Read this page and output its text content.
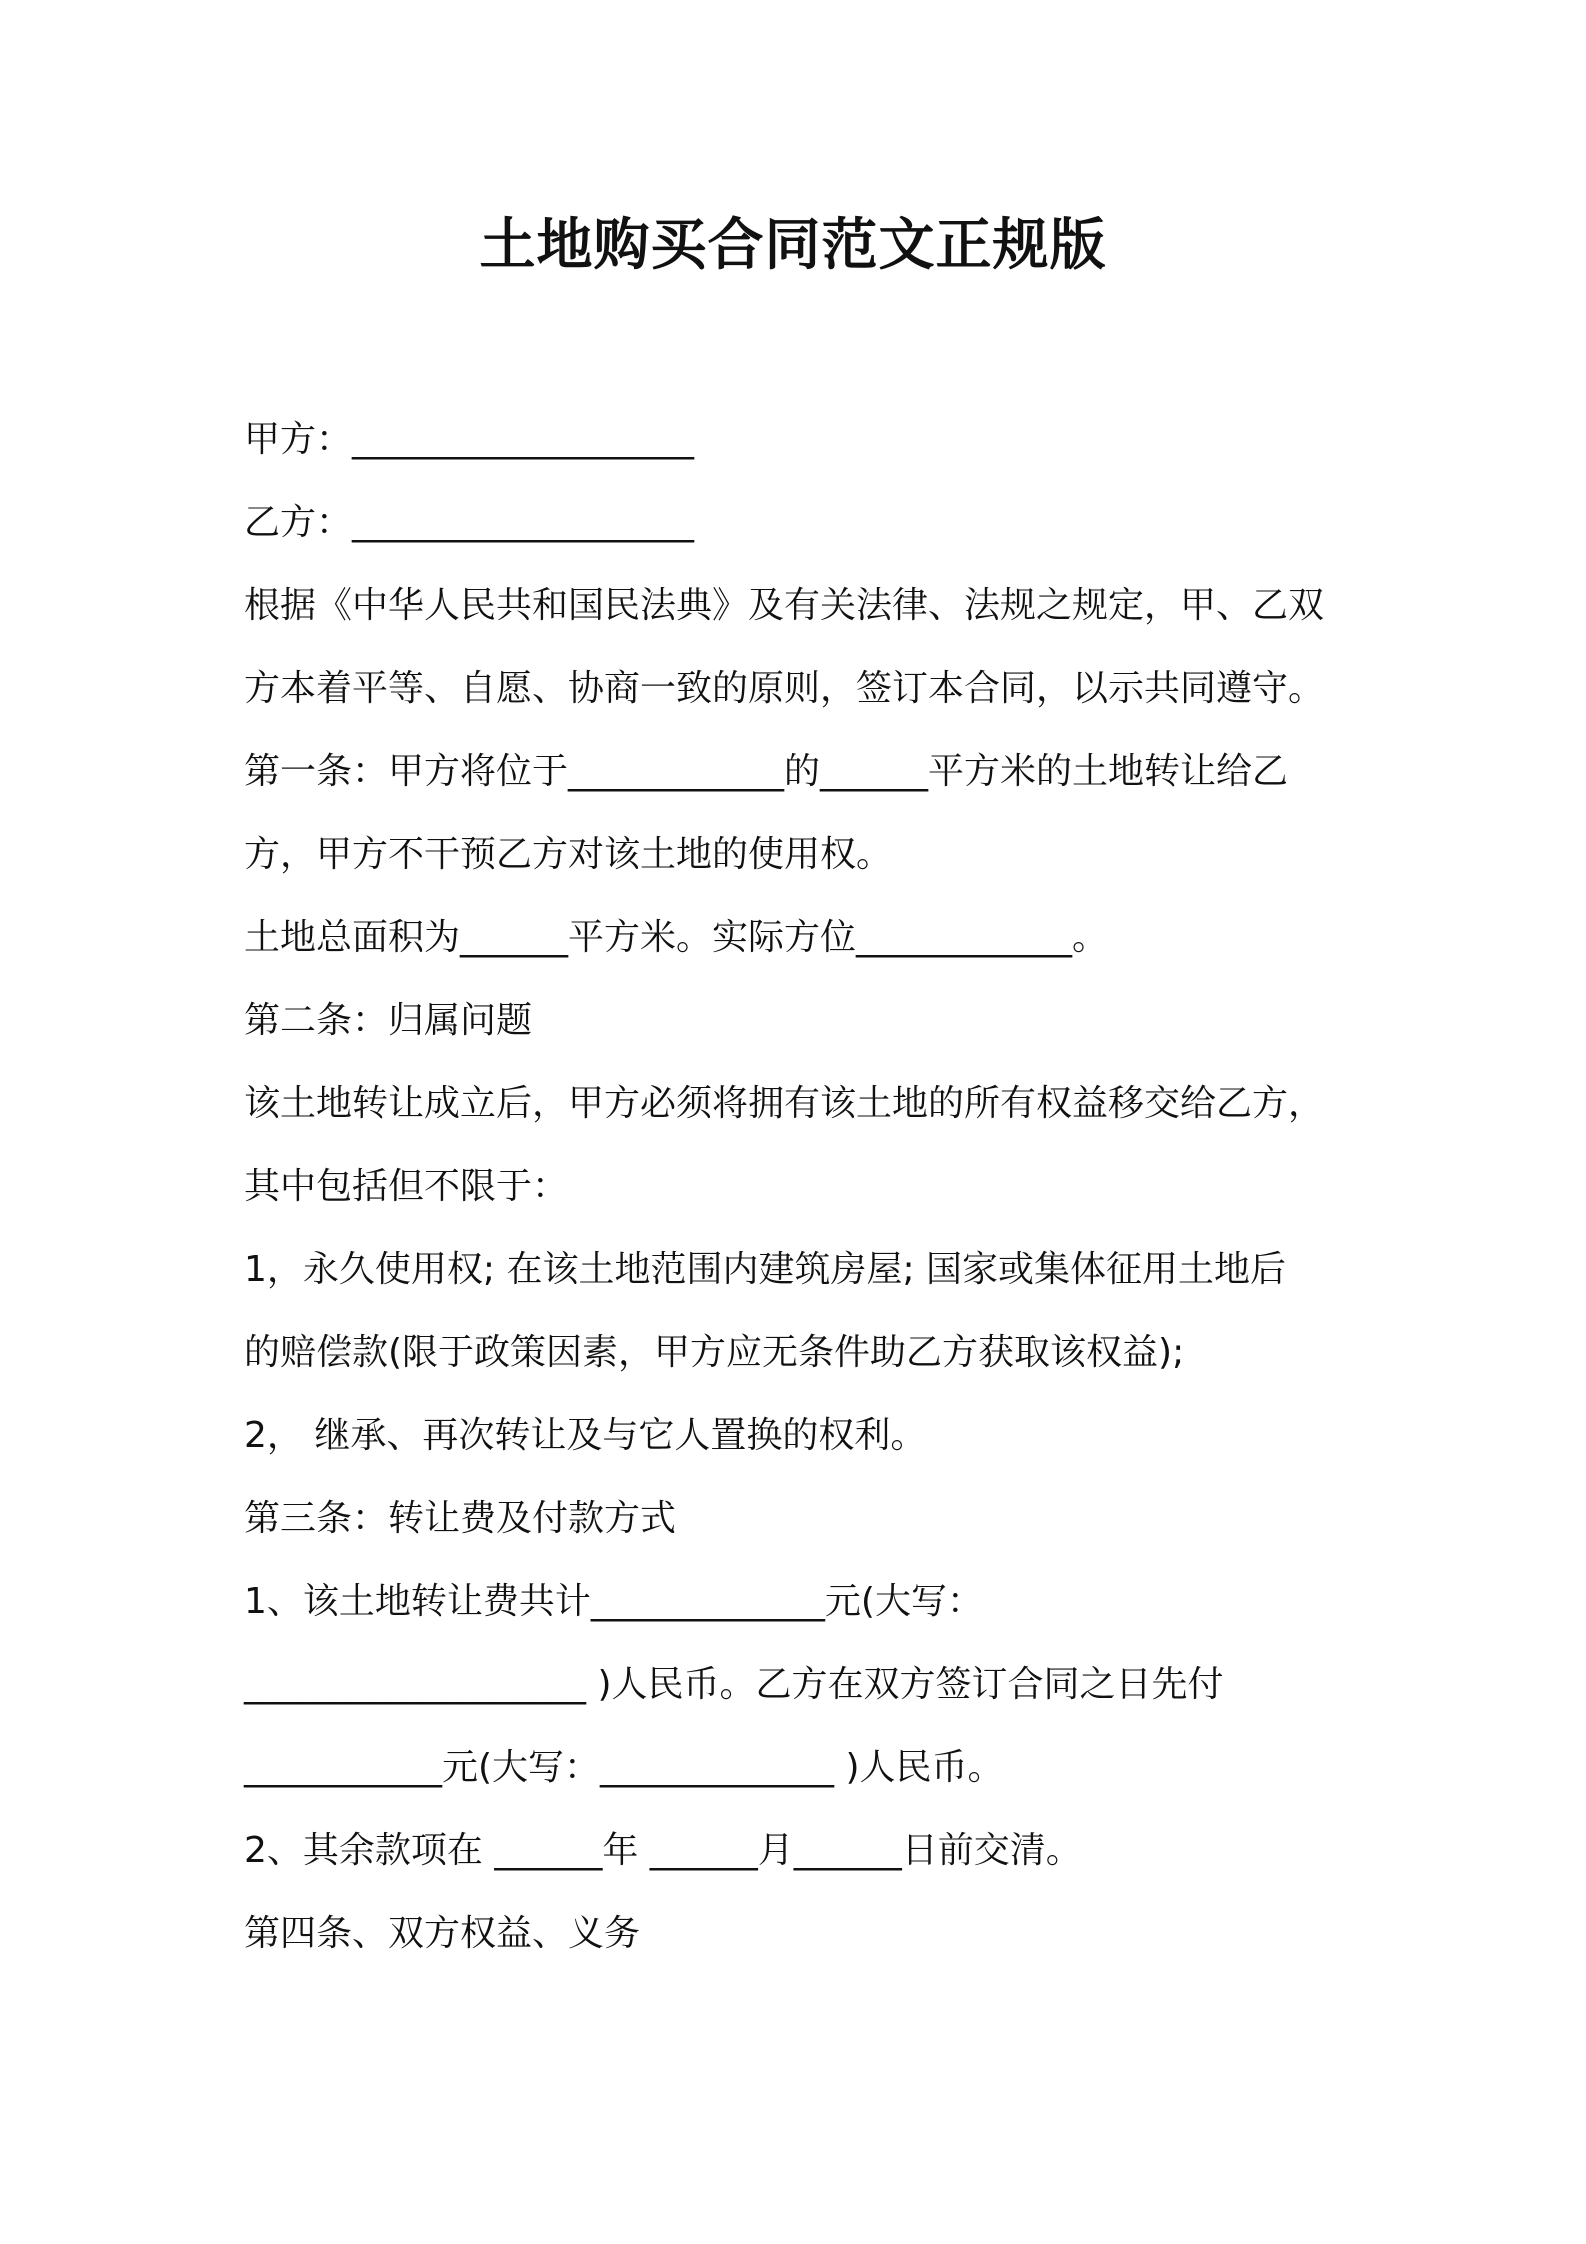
土地购买合同范文正规版
甲方：___________________
乙方：___________________
根据《中华人民共和国民法典》及有关法律、法规之规定，甲、乙双
方本着平等、自愿、协商一致的原则，签订本合同，以示共同遵守。
第一条：甲方将位于____________的______平方米的土地转让给乙
方，甲方不干预乙方对该土地的使用权。
土地总面积为______平方米。实际方位____________。
第二条：归属问题
该土地转让成立后，甲方必须将拥有该土地的所有权益移交给乙方，
其中包括但不限于：
1，永久使用权; 在该土地范围内建筑房屋; 国家或集体征用土地后
的赔偿款(限于政策因素，甲方应无条件助乙方获取该权益);
2， 继承、再次转让及与它人置换的权利。
第三条：转让费及付款方式
1、该土地转让费共计_____________元(大写：
___________________ )人民币。乙方在双方签订合同之日先付
___________元(大写：_____________ )人民币。
2、其余款项在 ______年 ______月______日前交清。
第四条、双方权益、义务
